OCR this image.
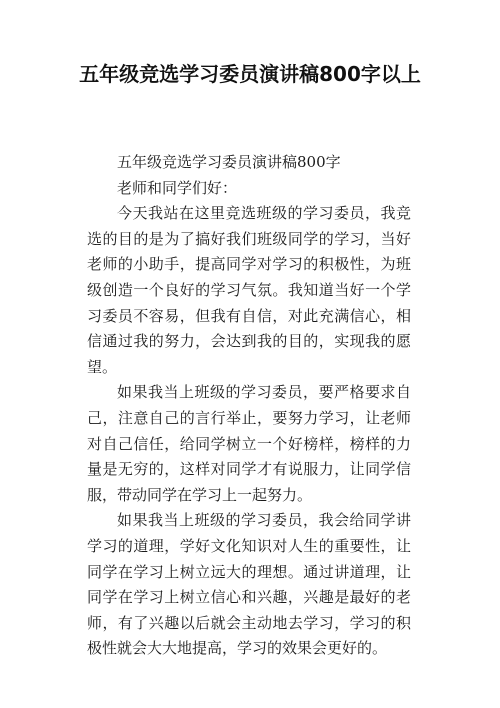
五年级竞选学习委员演讲稿800字以上

五年级竞选学习委员演讲稿800字

老师和同学们好：

今天我站在这里竞选班级的学习委员，我竞选的目的是为了搞好我们班级同学的学习，当好老师的小助手，提高同学对学习的积极性，为班级创造一个良好的学习气氛。我知道当好一个学习委员不容易，但我有自信，对此充满信心，相信通过我的努力，会达到我的目的，实现我的愿望。

如果我当上班级的学习委员，要严格要求自己，注意自己的言行举止，要努力学习，让老师对自己信任，给同学树立一个好榜样，榜样的力量是无穷的，这样对同学才有说服力，让同学信服，带动同学在学习上一起努力。

如果我当上班级的学习委员，我会给同学讲学习的道理，学好文化知识对人生的重要性，让同学在学习上树立远大的理想。通过讲道理，让同学在学习上树立信心和兴趣，兴趣是最好的老师，有了兴趣以后就会主动地去学习，学习的积极性就会大大地提高，学习的效果会更好的。
